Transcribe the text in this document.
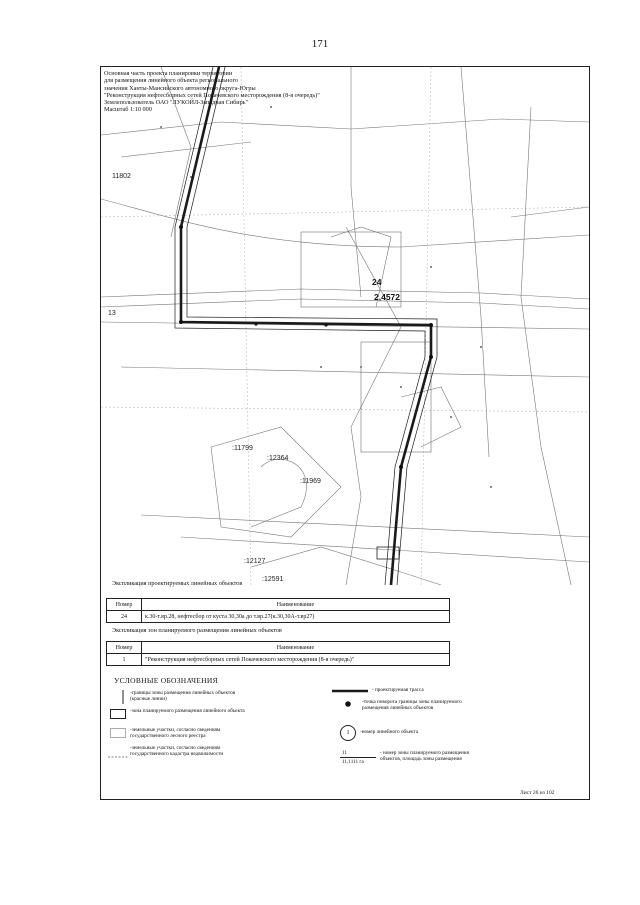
171
11802
13
24
2,4572
:11799
:12364
:11969
:12127
:12591
Основная часть проекта планировки территории
для размещения линейного объекта регионального
значения Ханты-Мансийского автономного округа-Югры
"Реконструкция нефтесборных сетей Покачевского месторождения (8-я очередь)"
Землепользователь ОАО "ЛУКОЙЛ-Западная Сибирь"
Масштаб 1:10 000
Экспликация проектируемых линейных объектов
Номер	Наименование
24	к.30-т.вр.28, нефтесбор от куста 30,30а до т.вр.27(к.30,30А-т.вр27)
Экспликация зон планируемого размещения линейных объектов
Номер	Наименование
1	"Реконструкция нефтесборных сетей Покачевского месторождения (8-я очередь)"
УСЛОВНЫЕ ОБОЗНАЧЕНИЯ
-границы зоны размещения линейных объектов (красные линии)
-зона планируемого размещения линейного объекта
-земельные участки, согласно сведениям государственного лесного реестра
-земельные участки, согласно сведениям государственного кадастра недвижимости
- проектируемая трасса
-точка поворота границы зоны планируемого размещения линейных объектов
1	-номер линейного объекта
11
11,1111 га
- номер зоны планируемого размещения объектов, площадь зоны размещения
Лист 26 из 102
